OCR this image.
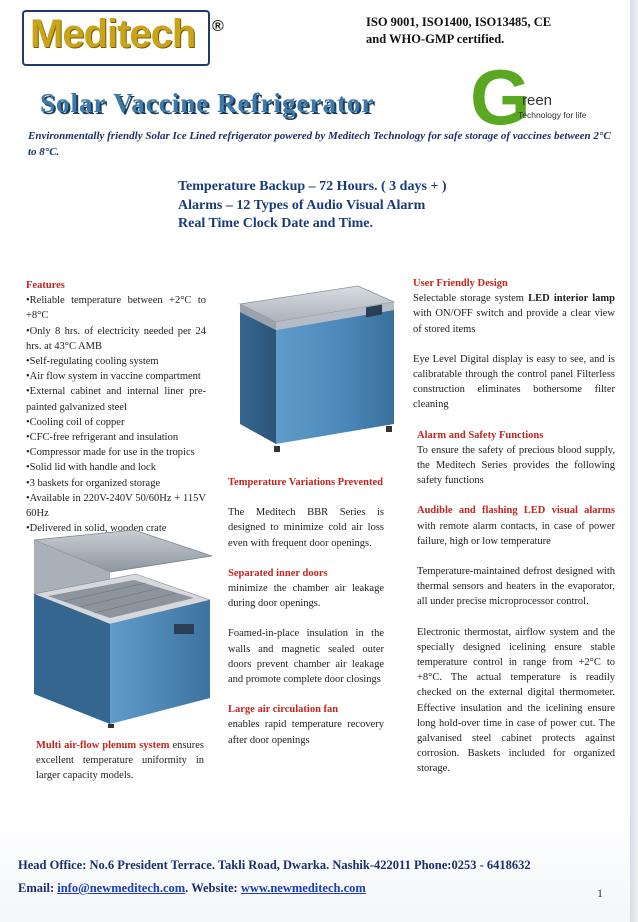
Meditech ®	ISO 9001, ISO1400, ISO13485, CE
and WHO-GMP certified.
Solar Vaccine Refrigerator G
reen
Technology for life
Environmentally friendly Solar Ice Lined refrigerator powered by Meditech Technology for safe storage of vaccines between 2°C to 8°C.
Temperature Backup – 72 Hours. ( 3 days + )
Alarms – 12 Types of Audio Visual Alarm
Real Time Clock Date and Time.
Features
•Reliable temperature between +2°C to +8°C
•Only 8 hrs. of electricity needed per 24 hrs. at 43°C AMB
•Self-regulating cooling system
•Air flow system in vaccine compartment
•External cabinet and internal liner pre-painted galvanized steel
•Cooling coil of copper
•CFC-free refrigerant and insulation
•Compressor made for use in the tropics
•Solid lid with handle and lock
•3 baskets for organized storage
•Available in 220V-240V 50/60Hz + 115V 60Hz
•Delivered in solid, wooden crate

Temperature Variations Prevented

The Meditech BBR Series is designed to minimize cold air loss even with frequent door openings.

Separated inner doors
minimize the chamber air leakage during door openings.

Foamed-in-place insulation in the walls and magnetic sealed outer doors prevent chamber air leakage and promote complete door closings

Large air circulation fan
enables rapid temperature recovery after door openings

User Friendly Design

Selectable storage system LED interior lamp with ON/OFF switch and provide a clear view of stored items

Eye Level Digital display is easy to see, and is calibratable through the control panel Filterless construction eliminates bothersome filter cleaning

Alarm and Safety Functions

To ensure the safety of precious blood supply, the Meditech Series provides the following safety functions

Audible and flashing LED visual alarms with remote alarm contacts, in case of power failure, high or low temperature

Temperature-maintained defrost designed with thermal sensors and heaters in the evaporator, all under precise microprocessor control.

Electronic thermostat, airflow system and the specially designed icelining ensure stable temperature control in range from +2°C to +8°C. The actual temperature is readily checked on the external digital thermometer. Effective insulation and the icelining ensure long hold-over time in case of power cut. The galvanised steel cabinet protects against corrosion. Baskets included for organized storage.

Multi air-flow plenum system ensures excellent temperature uniformity in larger capacity models.
Head Office: No.6 President Terrace. Takli Road, Dwarka. Nashik-422011 Phone:0253 - 6418632
Email: info@newmeditech.com. Website: www.newmeditech.com	1
